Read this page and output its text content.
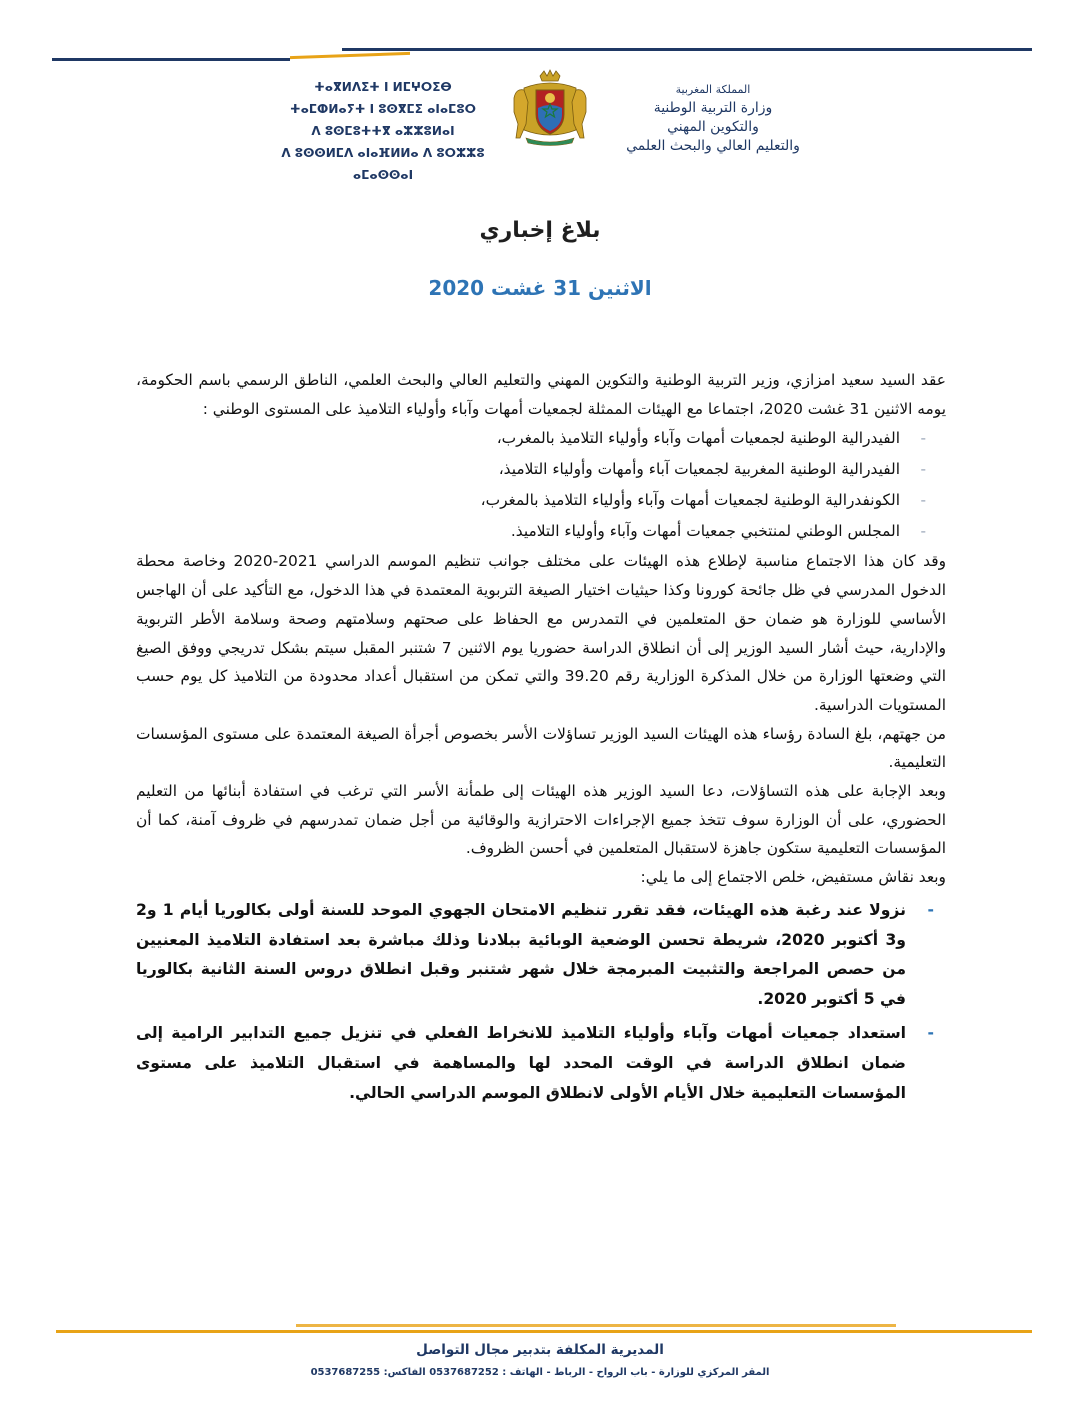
ⵜⴰⴳⵍⴷⵉⵜ ⵏ ⵍⵎⵖⵔⵉⴱ
ⵜⴰⵎⵀⵍⴰⵢⵜ ⵏ ⵓⵙⴳⵎⵉ ⴰⵏⴰⵎⵓⵔ
ⴷ ⵓⵙⵎⵓⵜⵜⴳ ⴰⵣⵣⵓⵍⴰⵏ
ⴷ ⵓⵙⵙⵍⵎⴷ ⴰⵏⴰⴼⵍⵍⴰ ⴷ ⵓⵔⵣⵣⵓ ⴰⵎⴰⵙⵙⴰⵏ
المملكة المغربية
وزارة التربية الوطنية
والتكوين المهني
والتعليم العالي والبحث العلمي
بلاغ إخباري
الاثنين 31 غشت 2020

عقد السيد سعيد امزازي، وزير التربية الوطنية والتكوين المهني والتعليم العالي والبحث العلمي، الناطق الرسمي باسم الحكومة، يومه الاثنين 31 غشت 2020، اجتماعا مع الهيئات الممثلة لجمعيات أمهات وآباء وأولياء التلاميذ على المستوى الوطني :

- الفيدرالية الوطنية لجمعيات أمهات وآباء وأولياء التلاميذ بالمغرب،
- الفيدرالية الوطنية المغربية لجمعيات آباء وأمهات وأولياء التلاميذ،
- الكونفدرالية الوطنية لجمعيات أمهات وآباء وأولياء التلاميذ بالمغرب،
- المجلس الوطني لمنتخبي جمعيات أمهات وآباء وأولياء التلاميذ.

وقد كان هذا الاجتماع مناسبة لإطلاع هذه الهيئات على مختلف جوانب تنظيم الموسم الدراسي 2021-2020 وخاصة محطة الدخول المدرسي في ظل جائحة كورونا وكذا حيثيات اختيار الصيغة التربوية المعتمدة في هذا الدخول، مع التأكيد على أن الهاجس الأساسي للوزارة هو ضمان حق المتعلمين في التمدرس مع الحفاظ على صحتهم وسلامتهم وصحة وسلامة الأطر التربوية والإدارية، حيث أشار السيد الوزير إلى أن انطلاق الدراسة حضوريا يوم الاثنين 7 شتنبر المقبل سيتم بشكل تدريجي ووفق الصيغ التي وضعتها الوزارة من خلال المذكرة الوزارية رقم 39.20 والتي تمكن من استقبال أعداد محدودة من التلاميذ كل يوم حسب المستويات الدراسية.

من جهتهم، بلغ السادة رؤساء هذه الهيئات السيد الوزير تساؤلات الأسر بخصوص أجرأة الصيغة المعتمدة على مستوى المؤسسات التعليمية.

وبعد الإجابة على هذه التساؤلات، دعا السيد الوزير هذه الهيئات إلى طمأنة الأسر التي ترغب في استفادة أبنائها من التعليم الحضوري، على أن الوزارة سوف تتخذ جميع الإجراءات الاحترازية والوقائية من أجل ضمان تمدرسهم في ظروف آمنة، كما أن المؤسسات التعليمية ستكون جاهزة لاستقبال المتعلمين في أحسن الظروف.

وبعد نقاش مستفيض، خلص الاجتماع إلى ما يلي:

- نزولا عند رغبة هذه الهيئات، فقد تقرر تنظيم الامتحان الجهوي الموحد للسنة أولى بكالوريا أيام 1 و2 و3 أكتوبر 2020، شريطة تحسن الوضعية الوبائية ببلادنا وذلك مباشرة بعد استفادة التلاميذ المعنيين من حصص المراجعة والتثبيت المبرمجة خلال شهر شتنبر وقبل انطلاق دروس السنة الثانية بكالوريا في 5 أكتوبر 2020.
- استعداد جمعيات أمهات وآباء وأولياء التلاميذ للانخراط الفعلي في تنزيل جميع التدابير الرامية إلى ضمان انطلاق الدراسة في الوقت المحدد لها والمساهمة في استقبال التلاميذ على مستوى المؤسسات التعليمية خلال الأيام الأولى لانطلاق الموسم الدراسي الحالي.
المديرية المكلفة بتدبير مجال التواصل
المقر المركزي للوزارة - باب الرواح - الرباط - الهاتف : 0537687252 الفاكس: 0537687255
